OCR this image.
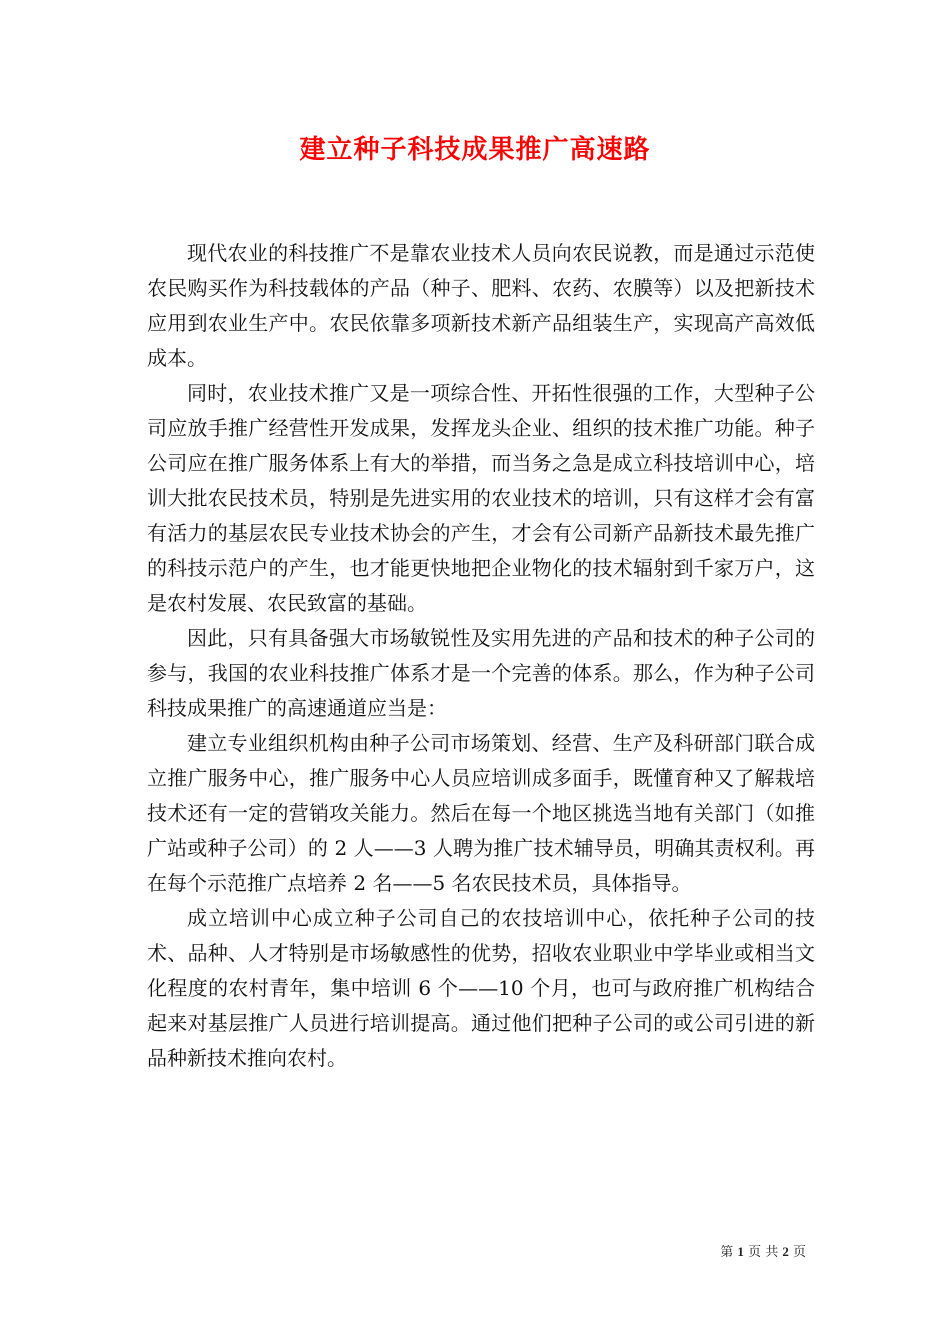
建立种子科技成果推广高速路

现代农业的科技推广不是靠农业技术人员向农民说教，而是通过示范使农民购买作为科技载体的产品（种子、肥料、农药、农膜等）以及把新技术应用到农业生产中。农民依靠多项新技术新产品组装生产，实现高产高效低成本。

同时，农业技术推广又是一项综合性、开拓性很强的工作，大型种子公司应放手推广经营性开发成果，发挥龙头企业、组织的技术推广功能。种子公司应在推广服务体系上有大的举措，而当务之急是成立科技培训中心，培训大批农民技术员，特别是先进实用的农业技术的培训，只有这样才会有富有活力的基层农民专业技术协会的产生，才会有公司新产品新技术最先推广的科技示范户的产生，也才能更快地把企业物化的技术辐射到千家万户，这是农村发展、农民致富的基础。

因此，只有具备强大市场敏锐性及实用先进的产品和技术的种子公司的参与，我国的农业科技推广体系才是一个完善的体系。那么，作为种子公司科技成果推广的高速通道应当是：

建立专业组织机构由种子公司市场策划、经营、生产及科研部门联合成立推广服务中心，推广服务中心人员应培训成多面手，既懂育种又了解栽培技术还有一定的营销攻关能力。然后在每一个地区挑选当地有关部门（如推广站或种子公司）的 2 人——3 人聘为推广技术辅导员，明确其责权利。再在每个示范推广点培养 2 名——5 名农民技术员，具体指导。

成立培训中心成立种子公司自己的农技培训中心，依托种子公司的技术、品种、人才特别是市场敏感性的优势，招收农业职业中学毕业或相当文化程度的农村青年，集中培训 6 个——10 个月，也可与政府推广机构结合起来对基层推广人员进行培训提高。通过他们把种子公司的或公司引进的新品种新技术推向农村。

第 1 页 共 2 页
